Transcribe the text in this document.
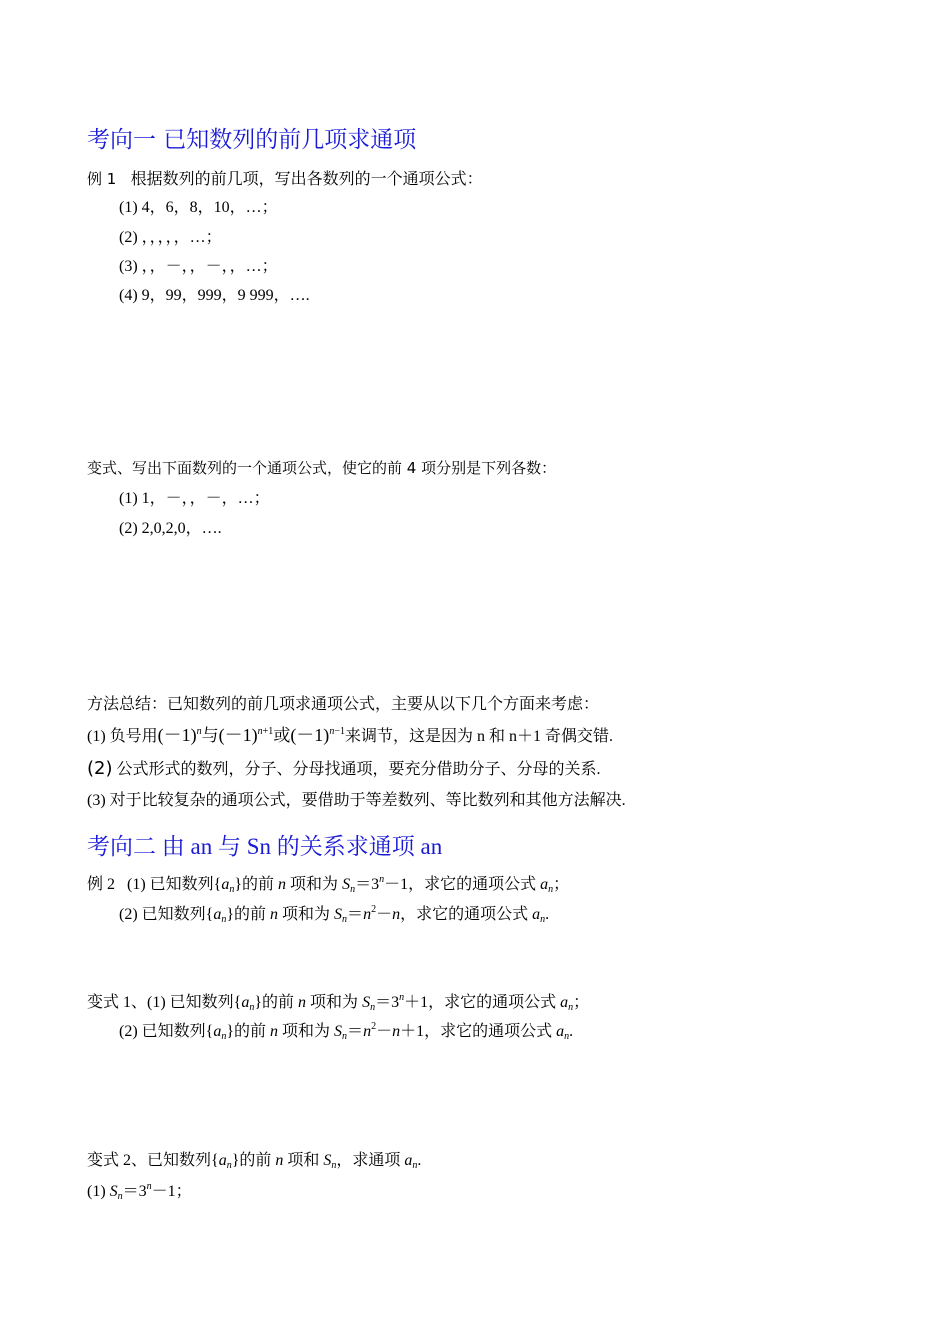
考向一 已知数列的前几项求通项
例 1 根据数列的前几项，写出各数列的一个通项公式：
(1) 4，6，8，10，…；
(2) ，，，，，…；
(3) ，，－，，－，，…；
(4) 9，99，999，9 999，….
变式、写出下面数列的一个通项公式，使它的前 4 项分别是下列各数：
(1) 1，－，，－，…；
(2) 2,0,2,0，….
方法总结：已知数列的前几项求通项公式，主要从以下几个方面来考虑：
(1) 负号用$(-1)^n$与$(-1)^{n+1}$或$(-1)^{n-1}$来调节，这是因为 n 和 n＋1 奇偶交错.
(2) 公式形式的数列，分子、分母找通项，要充分借助分子、分母的关系.
(3) 对于比较复杂的通项公式，要借助于等差数列、等比数列和其他方法解决.
考向二 由 an 与 Sn 的关系求通项 an
例 2 (1) 已知数列$\{a_n\}$的前 n 项和为 $S_n=3^n-1$，求它的通项公式 $a_n$；
(2) 已知数列$\{a_n\}$的前 n 项和为 $S_n=n^2-n$，求它的通项公式 $a_n$.
变式 1、(1) 已知数列$\{a_n\}$的前 n 项和为 $S_n=3^n+1$，求它的通项公式 $a_n$；
(2) 已知数列$\{a_n\}$的前 n 项和为 $S_n=n^2-n+1$，求它的通项公式 $a_n$.
变式 2、已知数列$\{a_n\}$的前 n 项和 $S_n$，求通项 $a_n$.
(1) $S_n=3^n-1$；
